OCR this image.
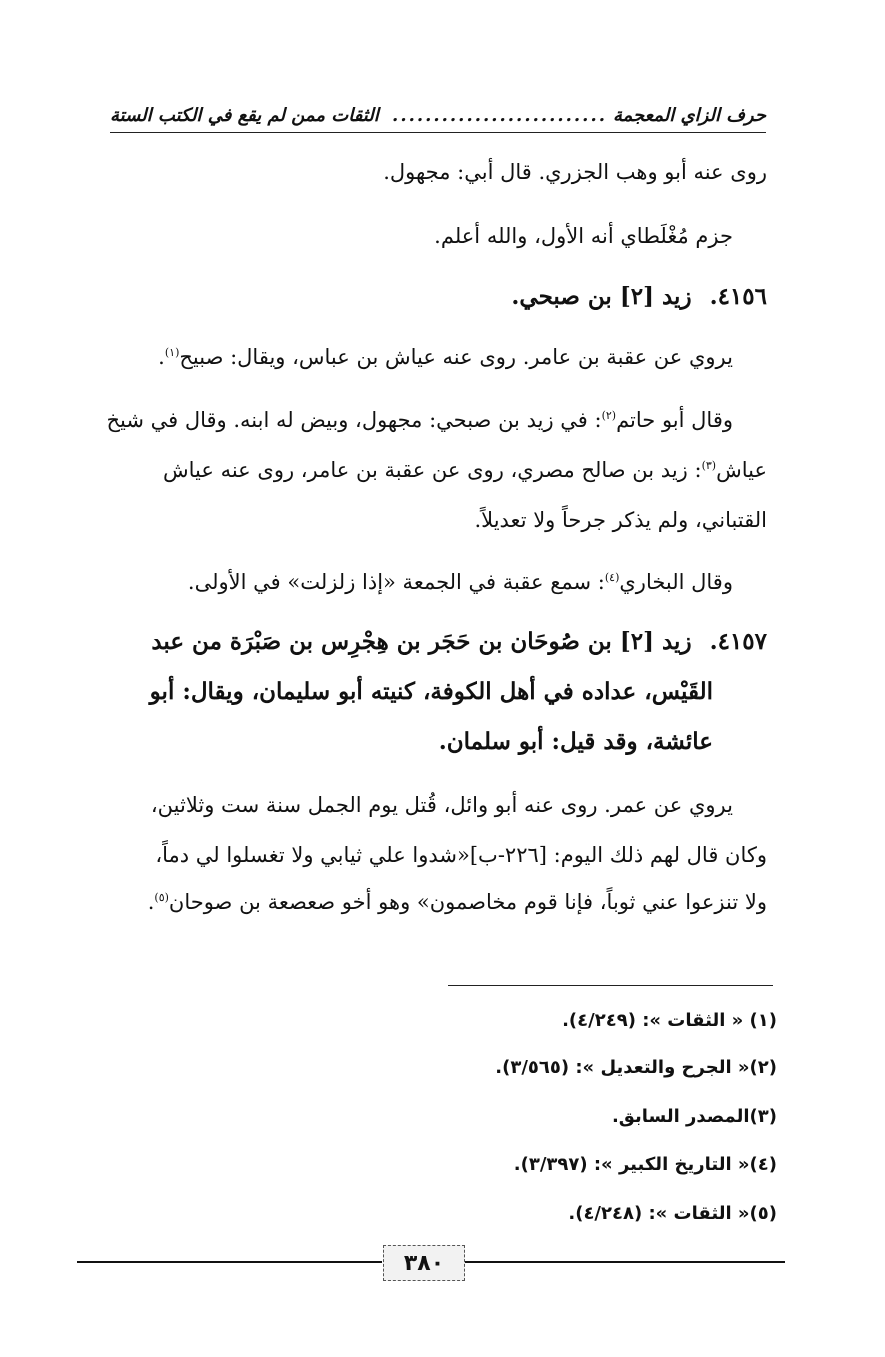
حرف الزاي المعجمة
..........................
الثقات ممن لم يقع في الكتب الستة
روى عنه أبو وهب الجزري. قال أبي: مجهول.
جزم مُغْلَطاي أنه الأول، والله أعلم.
٤١٥٦.زيد [٢] بن صبحي.
يروي عن عقبة بن عامر. روى عنه عياش بن عباس، ويقال: صبيح$^{(١)}$.
وقال أبو حاتم$^{(٢)}$: في زيد بن صبحي: مجهول، وبيض له ابنه. وقال في شيخ
عياش$^{(٣)}$: زيد بن صالح مصري، روى عن عقبة بن عامر، روى عنه عياش
القتباني، ولم يذكر جرحاً ولا تعديلاً.
وقال البخاري$^{(٤)}$: سمع عقبة في الجمعة «إذا زلزلت» في الأولى.
٤١٥٧.زيد [٢] بن صُوحَان بن حَجَر بن هِجْرِس بن صَبْرَة من عبد
القَيْس، عداده في أهل الكوفة، كنيته أبو سليمان، ويقال: أبو
عائشة، وقد قيل: أبو سلمان.
يروي عن عمر. روى عنه أبو وائل، قُتل يوم الجمل سنة ست وثلاثين،
وكان قال لهم ذلك اليوم: [٢٢٦-ب]«شدوا علي ثيابي ولا تغسلوا لي دماً،
ولا تنزعوا عني ثوباً، فإنا قوم مخاصمون» وهو أخو صعصعة بن صوحان$^{(٥)}$.
(١) « الثقات »: (٤/٢٤٩).
(٢)« الجرح والتعديل »: (٣/٥٦٥).
(٣)المصدر السابق.
(٤)« التاريخ الكبير »: (٣/٣٩٧).
(٥)« الثقات »: (٤/٢٤٨).
٣٨٠
